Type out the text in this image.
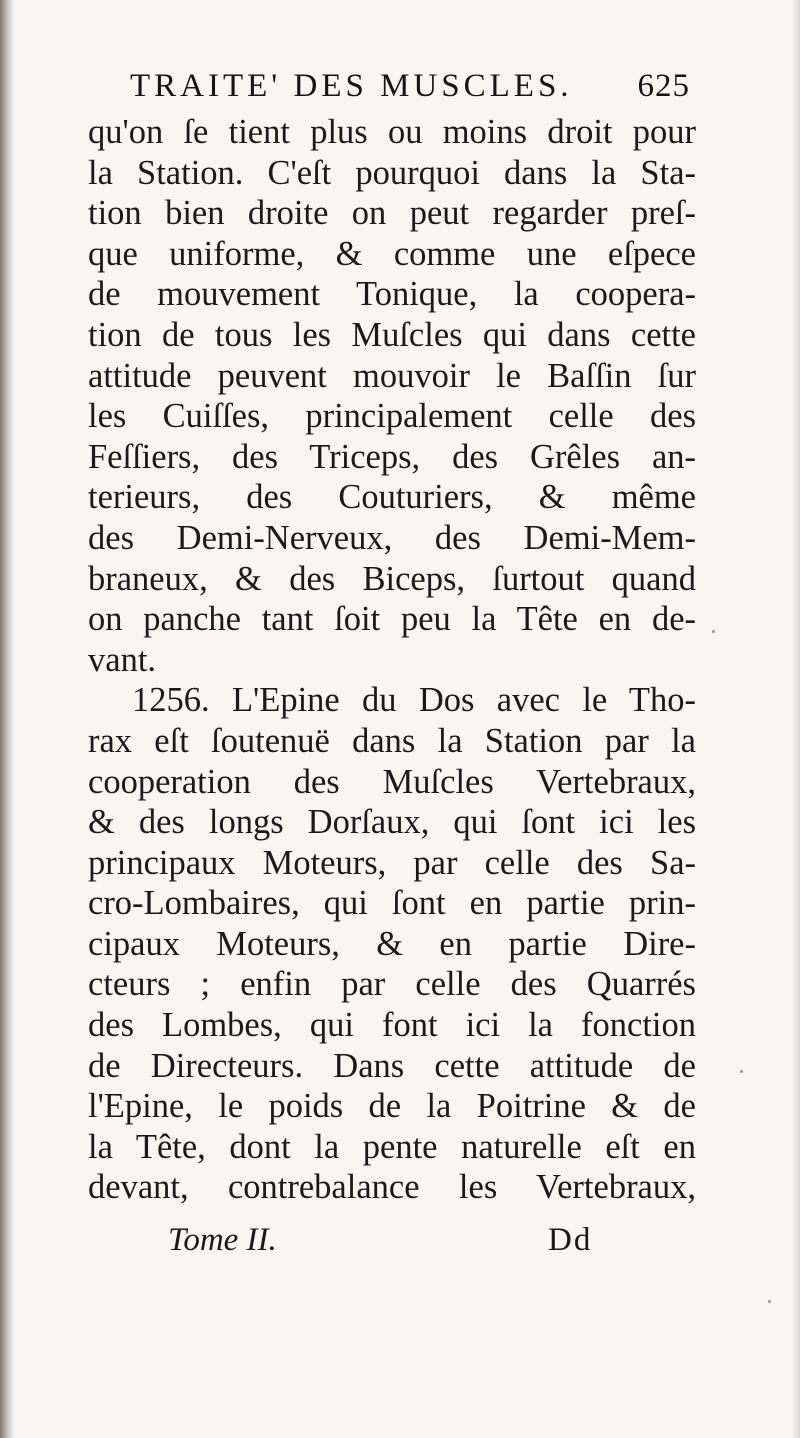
TRAITE' DES MUSCLES. 625
qu'on ſe tient plus ou moins droit pour
la Station. C'eſt pourquoi dans la Sta-
tion bien droite on peut regarder preſ-
que uniforme, & comme une eſpece
de mouvement Tonique, la coopera-
tion de tous les Muſcles qui dans cette
attitude peuvent mouvoir le Baſſin ſur
les Cuiſſes, principalement celle des
Feſſiers, des Triceps, des Grêles an-
terieurs, des Couturiers, & même
des Demi-Nerveux, des Demi-Mem-
braneux, & des Biceps, ſurtout quand
on panche tant ſoit peu la Tête en de-
vant.
1256. L'Epine du Dos avec le Tho-
rax eſt ſoutenuë dans la Station par la
cooperation des Muſcles Vertebraux,
& des longs Dorſaux, qui ſont ici les
principaux Moteurs, par celle des Sa-
cro-Lombaires, qui ſont en partie prin-
cipaux Moteurs, & en partie Dire-
cteurs ; enfin par celle des Quarrés
des Lombes, qui font ici la fonction
de Directeurs. Dans cette attitude de
l'Epine, le poids de la Poitrine & de
la Tête, dont la pente naturelle eſt en
devant, contrebalance les Vertebraux,
Tome II.	Dd
